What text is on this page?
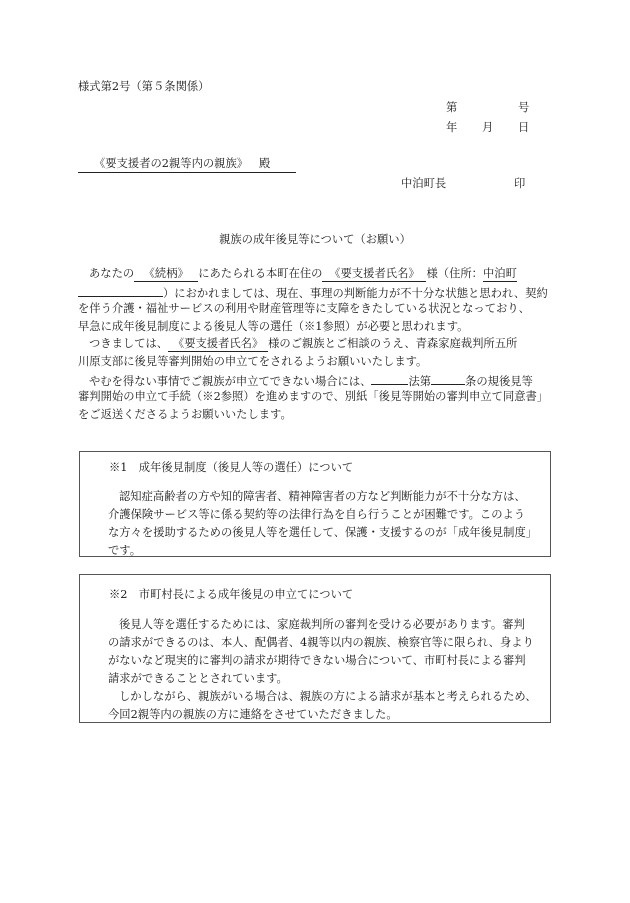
様式第2号（第５条関係）
第	号
年 月 日
《要支援者の2親等内の親族》 殿
中泊町長	印
親族の成年後見等について（お願い）
あなたの 《続柄》 にあたられる本町在住の 《要支援者氏名》 様（住所：中泊町
）におかれましては、現在、事理の判断能力が不十分な状態と思われ、契約
を伴う介護・福祉サービスの利用や財産管理等に支障をきたしている状況となっており、
早急に成年後見制度による後見人等の選任（※1参照）が必要と思われます。
つきましては、 《要支援者氏名》 様のご親族とご相談のうえ、青森家庭裁判所五所
川原支部に後見等審判開始の申立てをされるようお願いいたします。
やむを得ない事情でご親族が申立てできない場合には、	法第	条の規後見等
審判開始の申立て手続（※2参照）を進めますので、別紙「後見等開始の審判申立て同意書」
をご返送くださるようお願いいたします。
※1　成年後見制度（後見人等の選任）について
認知症高齢者の方や知的障害者、精神障害者の方など判断能力が不十分な方は、
介護保険サービス等に係る契約等の法律行為を自ら行うことが困難です。このよう
な方々を援助するための後見人等を選任して、保護・支援するのが「成年後見制度」
です。
※2　市町村長による成年後見の申立てについて
後見人等を選任するためには、家庭裁判所の審判を受ける必要があります。審判
の請求ができるのは、本人、配偶者、4親等以内の親族、検察官等に限られ、身より
がないなど現実的に審判の請求が期待できない場合について、市町村長による審判
請求ができることとされています。
しかしながら、親族がいる場合は、親族の方による請求が基本と考えられるため、
今回2親等内の親族の方に連絡をさせていただきました。
